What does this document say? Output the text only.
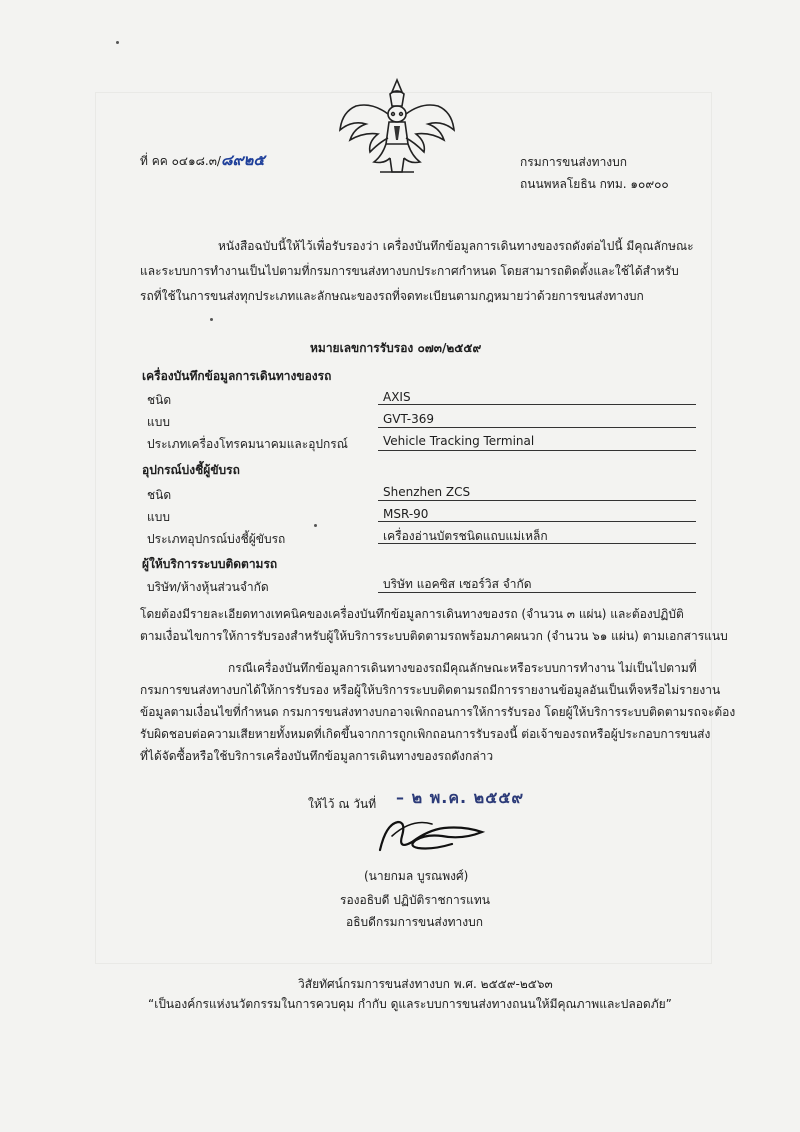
ที่ คค ๐๔๑๘.๓/๘๙๒๕	กรมการขนส่งทางบก
ถนนพหลโยธิน กทม. ๑๐๙๐๐
หนังสือฉบับนี้ให้ไว้เพื่อรับรองว่า เครื่องบันทึกข้อมูลการเดินทางของรถดังต่อไปนี้ มีคุณลักษณะ
และระบบการทำงานเป็นไปตามที่กรมการขนส่งทางบกประกาศกำหนด โดยสามารถติดตั้งและใช้ได้สำหรับ
รถที่ใช้ในการขนส่งทุกประเภทและลักษณะของรถที่จดทะเบียนตามกฎหมายว่าด้วยการขนส่งทางบก
หมายเลขการรับรอง ๐๗๓/๒๕๕๙
เครื่องบันทึกข้อมูลการเดินทางของรถ
ชนิด	AXIS
แบบ	GVT-369
ประเภทเครื่องโทรคมนาคมและอุปกรณ์	Vehicle Tracking Terminal
อุปกรณ์บ่งชี้ผู้ขับรถ
ชนิด	Shenzhen ZCS
แบบ	MSR-90
ประเภทอุปกรณ์บ่งชี้ผู้ขับรถ	เครื่องอ่านบัตรชนิดแถบแม่เหล็ก
ผู้ให้บริการระบบติดตามรถ
บริษัท/ห้างหุ้นส่วนจำกัด	บริษัท แอคซิส เซอร์วิส จำกัด
โดยต้องมีรายละเอียดทางเทคนิคของเครื่องบันทึกข้อมูลการเดินทางของรถ (จำนวน ๓ แผ่น) และต้องปฏิบัติ
ตามเงื่อนไขการให้การรับรองสำหรับผู้ให้บริการระบบติดตามรถพร้อมภาคผนวก (จำนวน ๖๑ แผ่น) ตามเอกสารแนบ
กรณีเครื่องบันทึกข้อมูลการเดินทางของรถมีคุณลักษณะหรือระบบการทำงาน ไม่เป็นไปตามที่
กรมการขนส่งทางบกได้ให้การรับรอง หรือผู้ให้บริการระบบติดตามรถมีการรายงานข้อมูลอันเป็นเท็จหรือไม่รายงาน
ข้อมูลตามเงื่อนไขที่กำหนด กรมการขนส่งทางบกอาจเพิกถอนการให้การรับรอง โดยผู้ให้บริการระบบติดตามรถจะต้อง
รับผิดชอบต่อความเสียหายทั้งหมดที่เกิดขึ้นจากการถูกเพิกถอนการรับรองนี้ ต่อเจ้าของรถหรือผู้ประกอบการขนส่ง
ที่ได้จัดซื้อหรือใช้บริการเครื่องบันทึกข้อมูลการเดินทางของรถดังกล่าว
ให้ไว้ ณ วันที่ – ๒ พ.ค. ๒๕๕๙
(นายกมล บูรณพงศ์)
รองอธิบดี ปฏิบัติราชการแทน
อธิบดีกรมการขนส่งทางบก
วิสัยทัศน์กรมการขนส่งทางบก พ.ศ. ๒๕๕๙-๒๕๖๓
“เป็นองค์กรแห่งนวัตกรรมในการควบคุม กำกับ ดูแลระบบการขนส่งทางถนนให้มีคุณภาพและปลอดภัย”
